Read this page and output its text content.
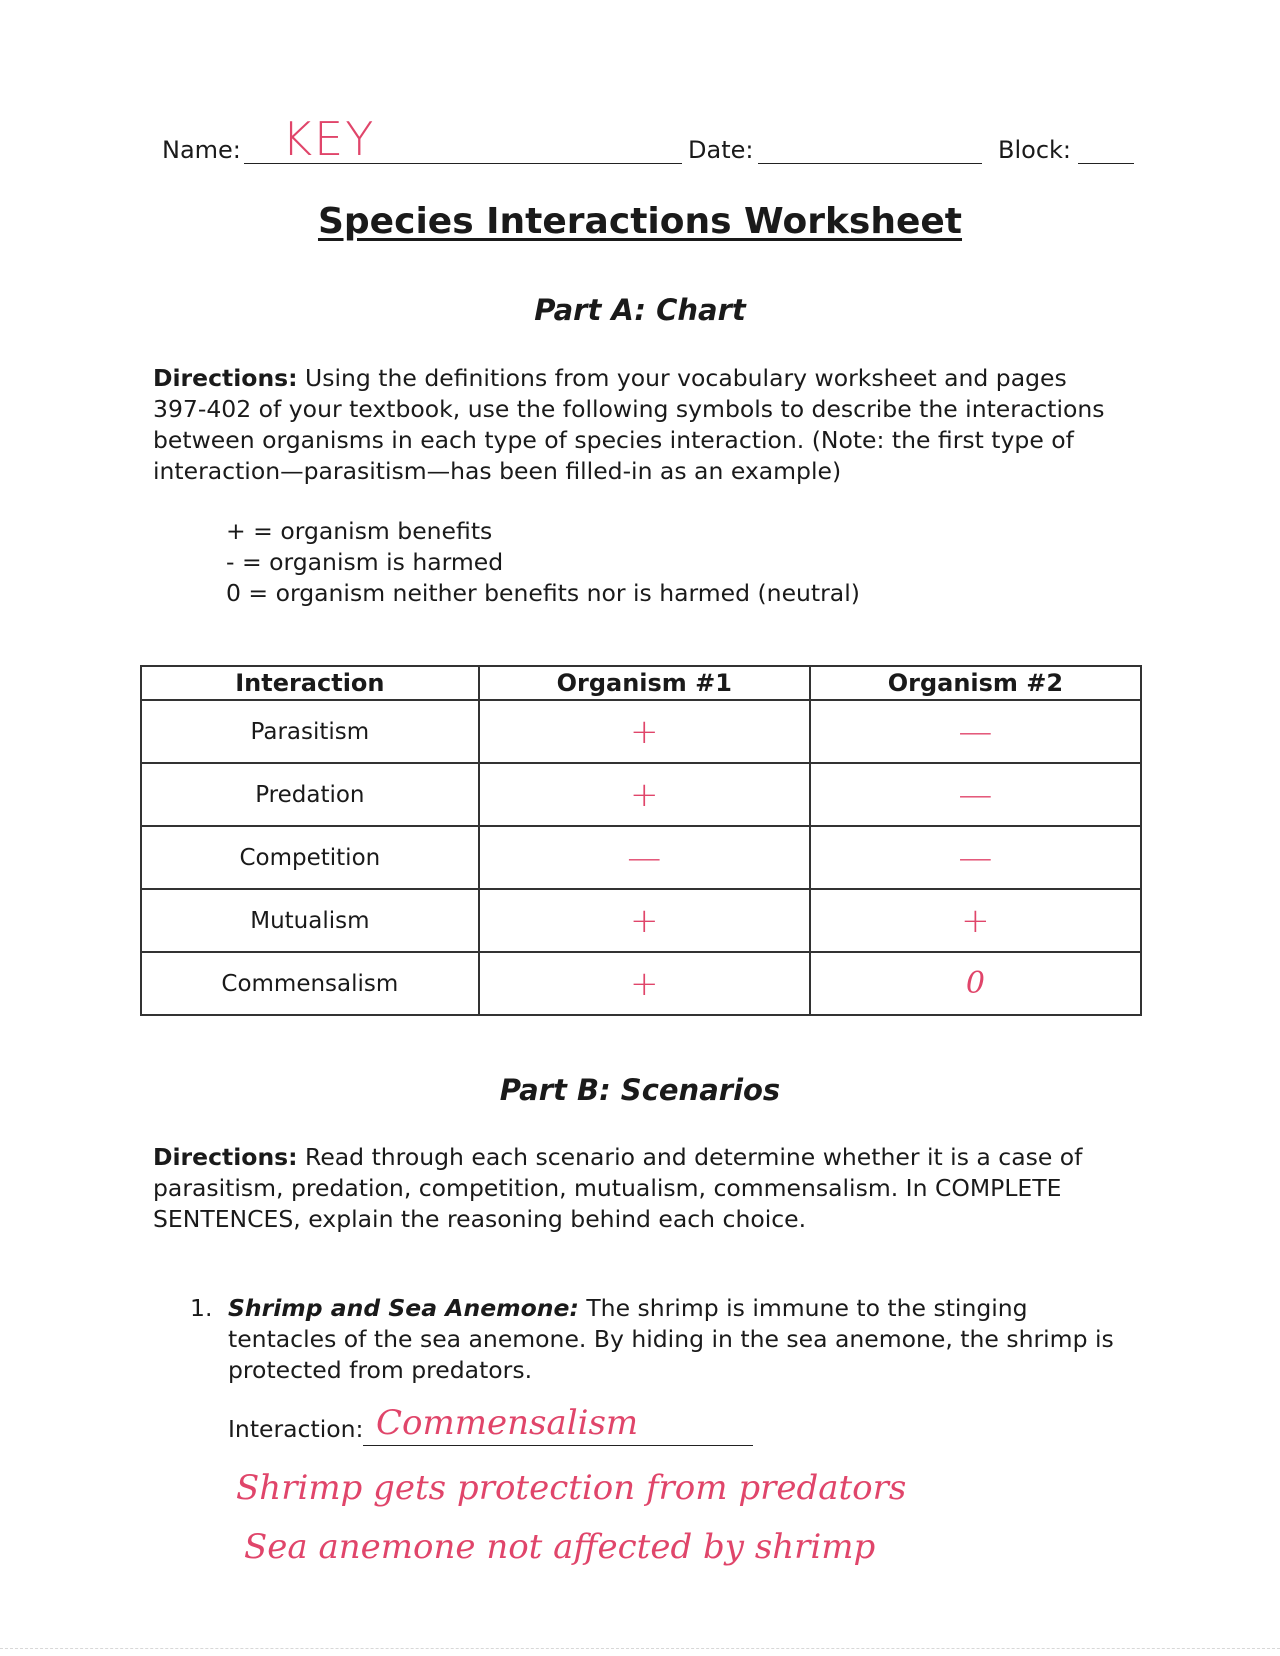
Name: KEY	Date:	Block:
Species Interactions Worksheet
Part A: Chart
Directions: Using the definitions from your vocabulary worksheet and pages 397-402 of your textbook, use the following symbols to describe the interactions between organisms in each type of species interaction. (Note: the first type of interaction—parasitism—has been filled-in as an example)
+ = organism benefits
- = organism is harmed
0 = organism neither benefits nor is harmed (neutral)
Interaction	Organism #1	Organism #2
Parasitism	+	—
Predation	+	—
Competition	—	—
Mutualism	+	+
Commensalism	+	0
Part B: Scenarios
Directions: Read through each scenario and determine whether it is a case of parasitism, predation, competition, mutualism, commensalism. In COMPLETE SENTENCES, explain the reasoning behind each choice.
1. Shrimp and Sea Anemone: The shrimp is immune to the stinging tentacles of the sea anemone. By hiding in the sea anemone, the shrimp is protected from predators.
Interaction: Commensalism
Shrimp gets protection from predators
Sea anemone not affected by shrimp
